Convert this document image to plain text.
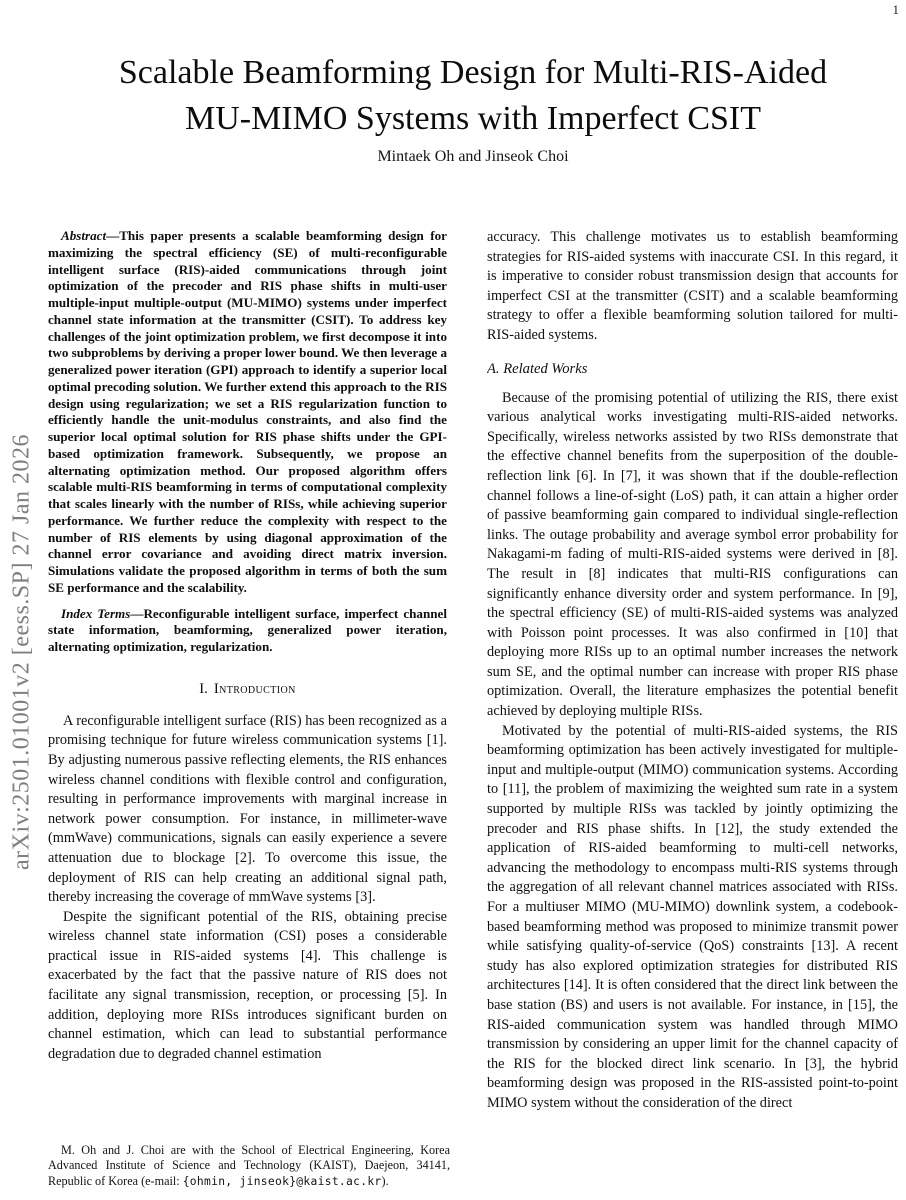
1
arXiv:2501.01001v2 [eess.SP] 27 Jan 2026
Scalable Beamforming Design for Multi-RIS-Aided
MU-MIMO Systems with Imperfect CSIT
Mintaek Oh and Jinseok Choi

Abstract—This paper presents a scalable beamforming design for maximizing the spectral efficiency (SE) of multi-reconfigurable intelligent surface (RIS)-aided communications through joint optimization of the precoder and RIS phase shifts in multi-user multiple-input multiple-output (MU-MIMO) systems under imperfect channel state information at the transmitter (CSIT). To address key challenges of the joint optimization problem, we first decompose it into two subproblems by deriving a proper lower bound. We then leverage a generalized power iteration (GPI) approach to identify a superior local optimal precoding solution. We further extend this approach to the RIS design using regularization; we set a RIS regularization function to efficiently handle the unit-modulus constraints, and also find the superior local optimal solution for RIS phase shifts under the GPI-based optimization framework. Subsequently, we propose an alternating optimization method. Our proposed algorithm offers scalable multi-RIS beamforming in terms of computational complexity that scales linearly with the number of RISs, while achieving superior performance. We further reduce the complexity with respect to the number of RIS elements by using diagonal approximation of the channel error covariance and avoiding direct matrix inversion. Simulations validate the proposed algorithm in terms of both the sum SE performance and the scalability.

Index Terms—Reconfigurable intelligent surface, imperfect channel state information, beamforming, generalized power iteration, alternating optimization, regularization.

I. Introduction

A reconfigurable intelligent surface (RIS) has been recognized as a promising technique for future wireless communication systems [1]. By adjusting numerous passive reflecting elements, the RIS enhances wireless channel conditions with flexible control and configuration, resulting in performance improvements with marginal increase in network power consumption. For instance, in millimeter-wave (mmWave) communications, signals can easily experience a severe attenuation due to blockage [2]. To overcome this issue, the deployment of RIS can help creating an additional signal path, thereby increasing the coverage of mmWave systems [3].

Despite the significant potential of the RIS, obtaining precise wireless channel state information (CSI) poses a considerable practical issue in RIS-aided systems [4]. This challenge is exacerbated by the fact that the passive nature of RIS does not facilitate any signal transmission, reception, or processing [5]. In addition, deploying more RISs introduces significant burden on channel estimation, which can lead to substantial performance degradation due to degraded channel estimation

accuracy. This challenge motivates us to establish beamforming strategies for RIS-aided systems with inaccurate CSI. In this regard, it is imperative to consider robust transmission design that accounts for imperfect CSI at the transmitter (CSIT) and a scalable beamforming strategy to offer a flexible beamforming solution tailored for multi-RIS-aided systems.

A. Related Works

Because of the promising potential of utilizing the RIS, there exist various analytical works investigating multi-RIS-aided networks. Specifically, wireless networks assisted by two RISs demonstrate that the effective channel benefits from the superposition of the double-reflection link [6]. In [7], it was shown that if the double-reflection channel follows a line-of-sight (LoS) path, it can attain a higher order of passive beamforming gain compared to individual single-reflection links. The outage probability and average symbol error probability for Nakagami-m fading of multi-RIS-aided systems were derived in [8]. The result in [8] indicates that multi-RIS configurations can significantly enhance diversity order and system performance. In [9], the spectral efficiency (SE) of multi-RIS-aided systems was analyzed with Poisson point processes. It was also confirmed in [10] that deploying more RISs up to an optimal number increases the network sum SE, and the optimal number can increase with proper RIS phase optimization. Overall, the literature emphasizes the potential benefit achieved by deploying multiple RISs.

Motivated by the potential of multi-RIS-aided systems, the RIS beamforming optimization has been actively investigated for multiple-input and multiple-output (MIMO) communication systems. According to [11], the problem of maximizing the weighted sum rate in a system supported by multiple RISs was tackled by jointly optimizing the precoder and RIS phase shifts. In [12], the study extended the application of RIS-aided beamforming to multi-cell networks, advancing the methodology to encompass multi-RIS systems through the aggregation of all relevant channel matrices associated with RISs. For a multiuser MIMO (MU-MIMO) downlink system, a codebook-based beamforming method was proposed to minimize transmit power while satisfying quality-of-service (QoS) constraints [13]. A recent study has also explored optimization strategies for distributed RIS architectures [14]. It is often considered that the direct link between the base station (BS) and users is not available. For instance, in [15], the RIS-aided communication system was handled through MIMO transmission by considering an upper limit for the channel capacity of the RIS for the blocked direct link scenario. In [3], the hybrid beamforming design was proposed in the RIS-assisted point-to-point MIMO system without the consideration of the direct

M. Oh and J. Choi are with the School of Electrical Engineering, Korea Advanced Institute of Science and Technology (KAIST), Daejeon, 34141, Republic of Korea (e-mail: {ohmin, jinseok}@kaist.ac.kr).
